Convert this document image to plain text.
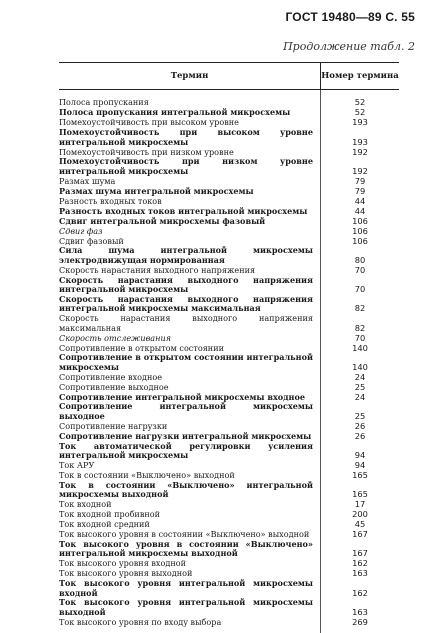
ГОСТ 19480—89 С. 55
Продолжение табл. 2
Термин	Номер термина
Полоса пропускания	52
Полоса пропускания интегральной микросхемы	52
Помехоустойчивость при высоком уровне	193
Помехоустойчивость при высоком уровне интегральной микросхемы	193
Помехоустойчивость при низком уровне	192
Помехоустойчивость при низком уровне интегральной микросхемы	192
Размах шума	79
Размах шума интегральной микросхемы	79
Разность входных токов	44
Разность входных токов интегральной микросхемы	44
Сдвиг интегральной микросхемы фазовый	106
Сдвиг фаз	106
Сдвиг фазовый	106
Сила шума интегральной микросхемы электродвижущая нормированная	80
Скорость нарастания выходного напряжения	70
Скорость нарастания выходного напряжения интегральной микросхемы	70
Скорость нарастания выходного напряжения интегральной микросхемы максимальная	82
Скорость нарастания выходного напряжения максимальная	82
Скорость отслеживания	70
Сопротивление в открытом состоянии	140
Сопротивление в открытом состоянии интегральной микросхемы	140
Сопротивление входное	24
Сопротивление выходное	25
Сопротивление интегральной микросхемы входное	24
Сопротивление интегральной микросхемы выходное	25
Сопротивление нагрузки	26
Сопротивление нагрузки интегральной микросхемы	26
Ток автоматической регулировки усиления интегральной микросхемы	94
Ток АРУ	94
Ток в состоянии «Выключено» выходной	165
Ток в состоянии «Выключено» интегральной микросхемы выходной	165
Ток входной	17
Ток входной пробивной	200
Ток входной средний	45
Ток высокого уровня в состоянии «Выключено» выходной	167
Ток высокого уровня в состоянии «Выключено» интегральной микросхемы выходной	167
Ток высокого уровня входной	162
Ток высокого уровня выходной	163
Ток высокого уровня интегральной микросхемы входной	162
Ток высокого уровня интегральной микросхемы выходной	163
Ток высокого уровня по входу выбора	269
